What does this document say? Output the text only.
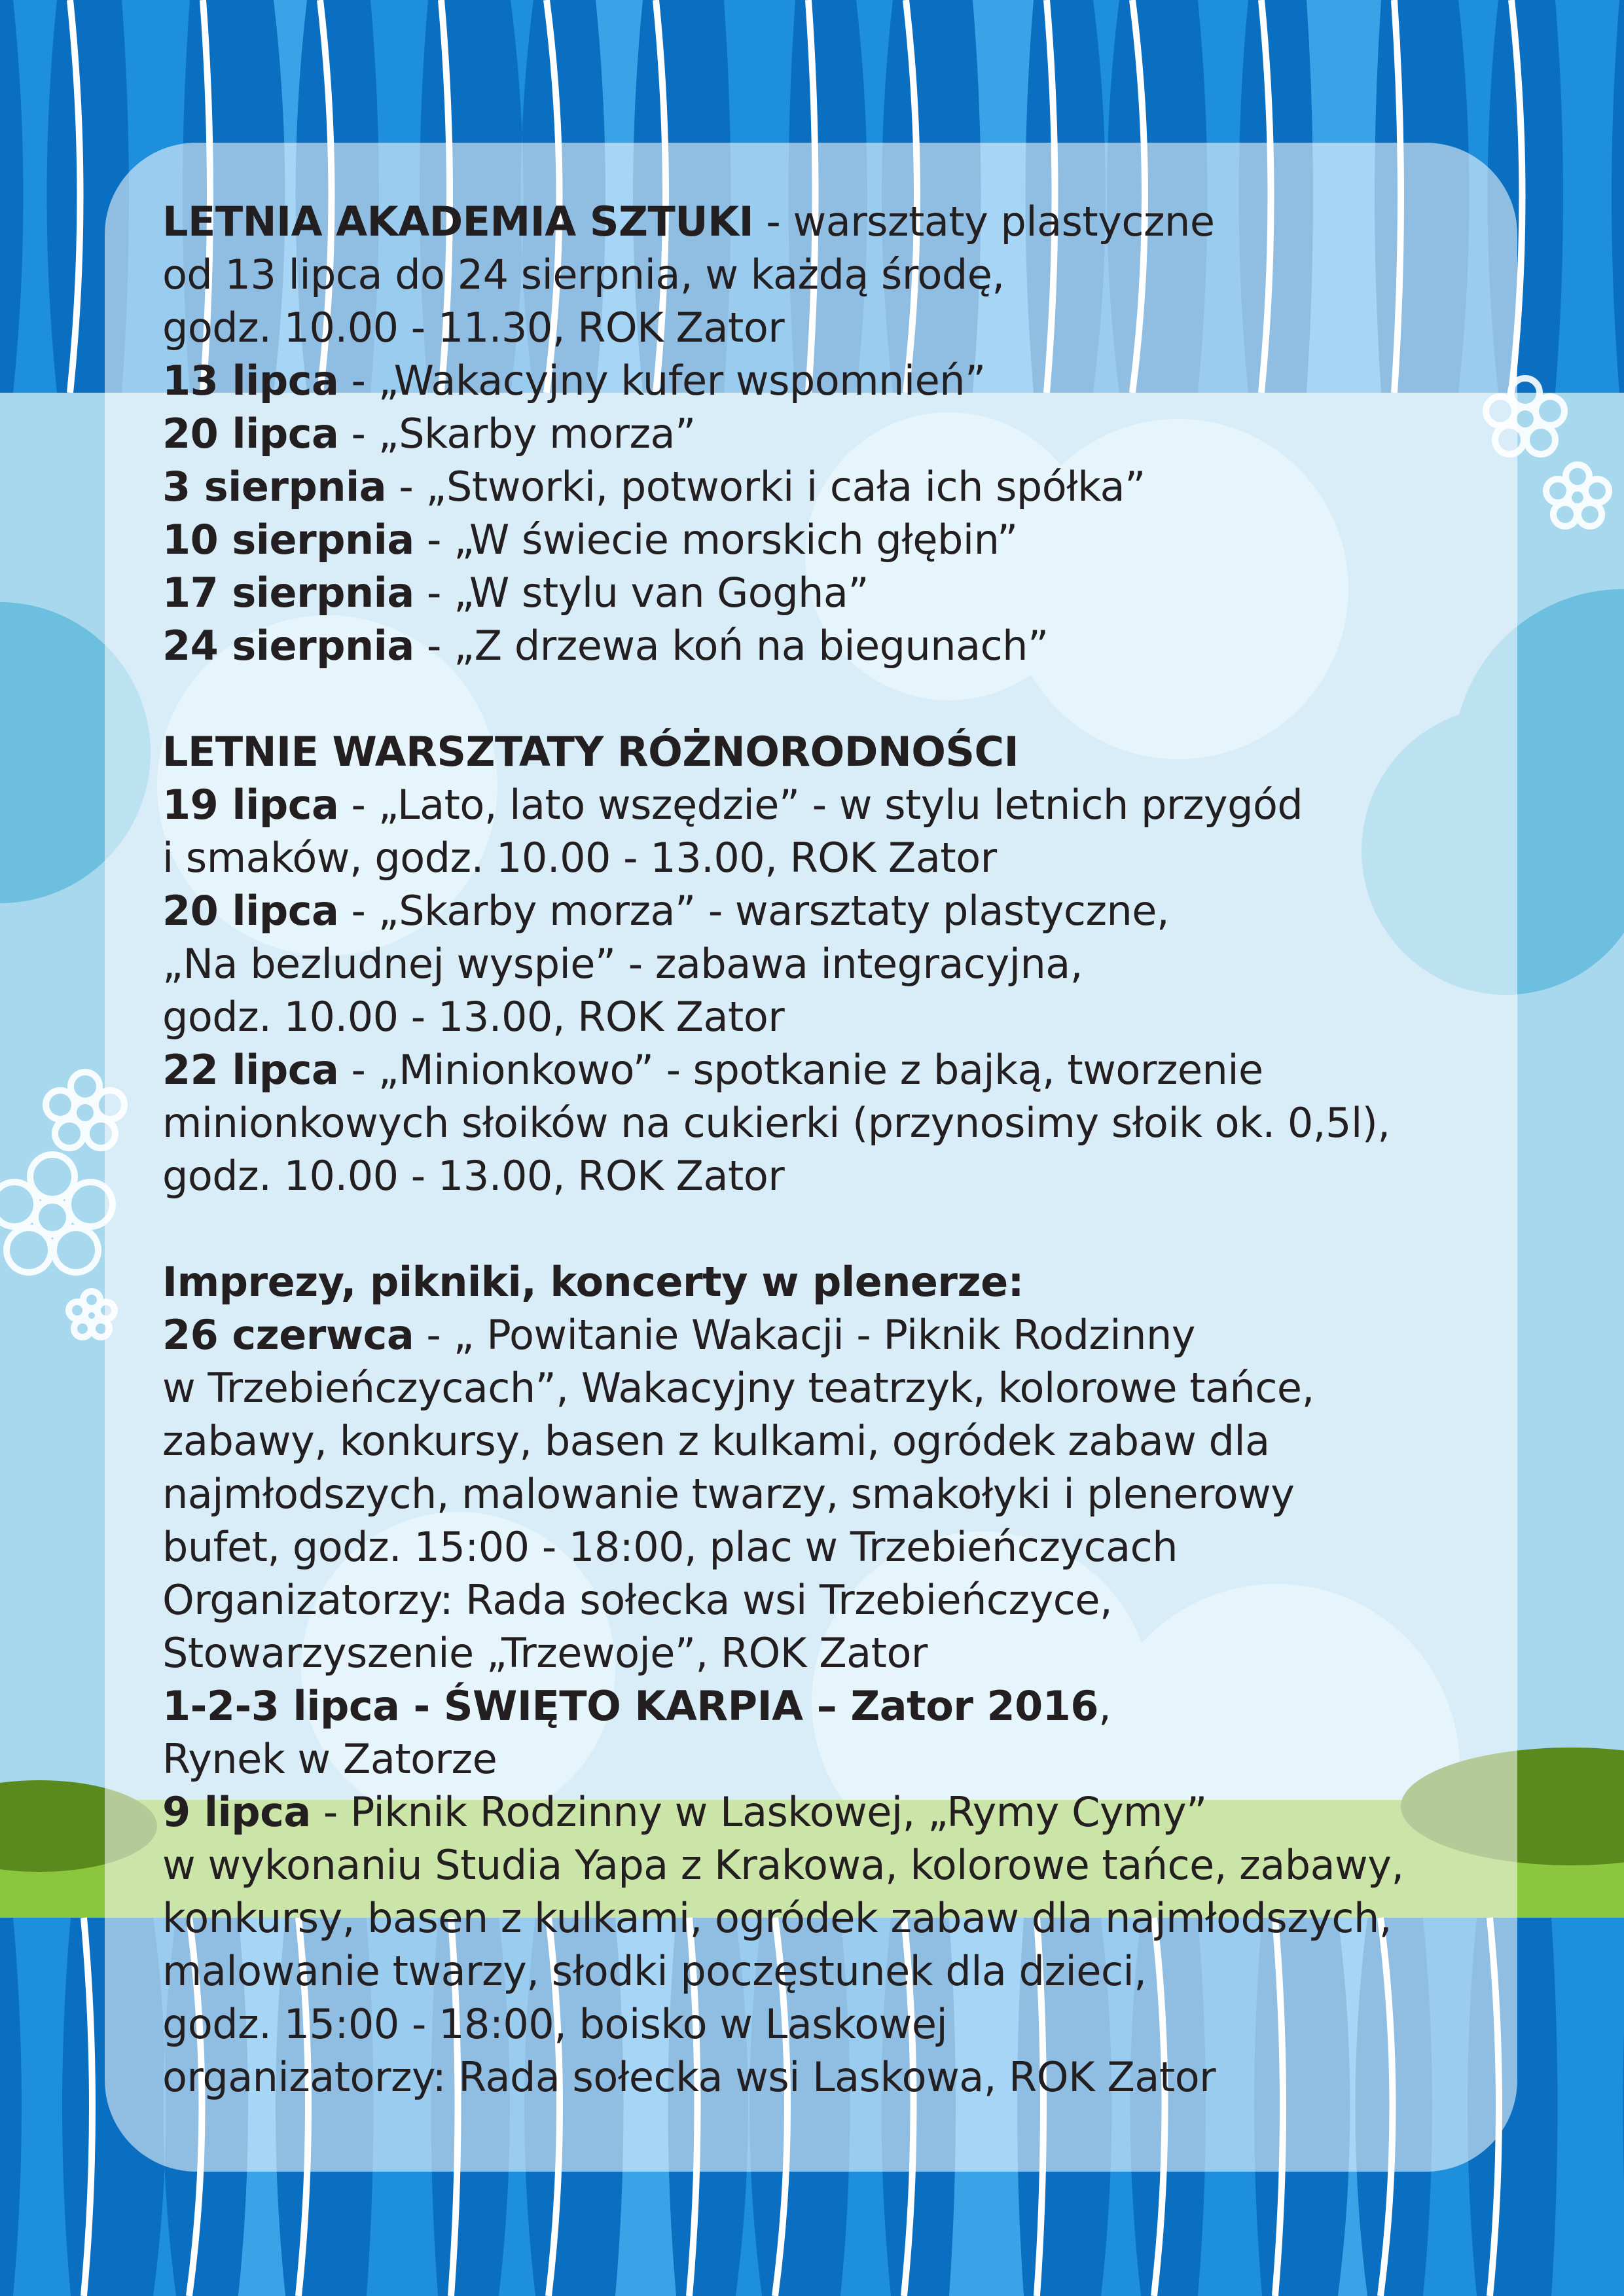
LETNIA AKADEMIA SZTUKI - warsztaty plastyczne

od 13 lipca do 24 sierpnia, w każdą środę,

godz. 10.00 - 11.30, ROK Zator

13 lipca - „Wakacyjny kufer wspomnień”

20 lipca - „Skarby morza”

3 sierpnia - „Stworki, potworki i cała ich spółka”

10 sierpnia - „W świecie morskich głębin”

17 sierpnia - „W stylu van Gogha”

24 sierpnia - „Z drzewa koń na biegunach”

LETNIE WARSZTATY RÓŻNORODNOŚCI

19 lipca - „Lato, lato wszędzie” - w stylu letnich przygód

i smaków, godz. 10.00 - 13.00, ROK Zator

20 lipca - „Skarby morza” - warsztaty plastyczne,

„Na bezludnej wyspie” - zabawa integracyjna,

godz. 10.00 - 13.00, ROK Zator

22 lipca - „Minionkowo” - spotkanie z bajką, tworzenie

minionkowych słoików na cukierki (przynosimy słoik ok. 0,5l),

godz. 10.00 - 13.00, ROK Zator

Imprezy, pikniki, koncerty w plenerze:

26 czerwca - „ Powitanie Wakacji - Piknik Rodzinny

w Trzebieńczycach”, Wakacyjny teatrzyk, kolorowe tańce,

zabawy, konkursy, basen z kulkami, ogródek zabaw dla

najmłodszych, malowanie twarzy, smakołyki i plenerowy

bufet, godz. 15:00 - 18:00, plac w Trzebieńczycach

Organizatorzy: Rada sołecka wsi Trzebieńczyce,

Stowarzyszenie „Trzewoje”, ROK Zator

1-2-3 lipca - ŚWIĘTO KARPIA – Zator 2016,

Rynek w Zatorze

9 lipca - Piknik Rodzinny w Laskowej, „Rymy Cymy”

w wykonaniu Studia Yapa z Krakowa, kolorowe tańce, zabawy,

konkursy, basen z kulkami, ogródek zabaw dla najmłodszych,

malowanie twarzy, słodki poczęstunek dla dzieci,

godz. 15:00 - 18:00, boisko w Laskowej

organizatorzy: Rada sołecka wsi Laskowa, ROK Zator
